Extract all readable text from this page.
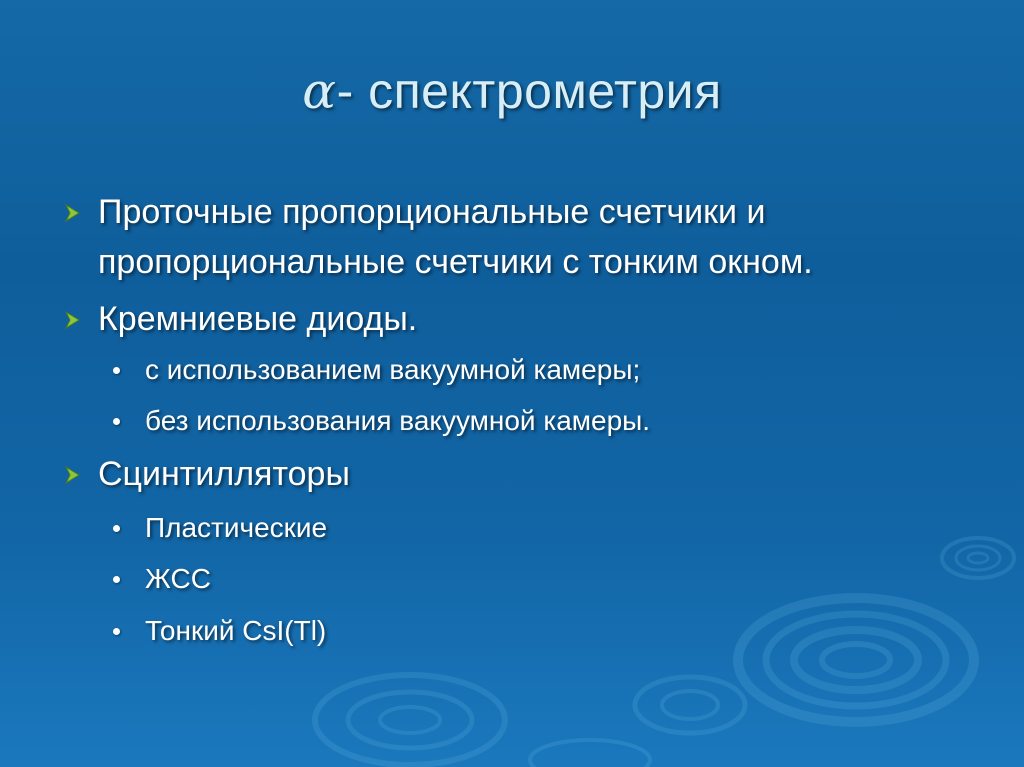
α- спектрометрия
Проточные пропорциональные счетчики и
пропорциональные счетчики с тонким окном.
Кремниевые диоды.
с использованием вакуумной камеры;
без использования вакуумной камеры.
Сцинтилляторы
Пластические
ЖСС
Тонкий CsI(Tl)
